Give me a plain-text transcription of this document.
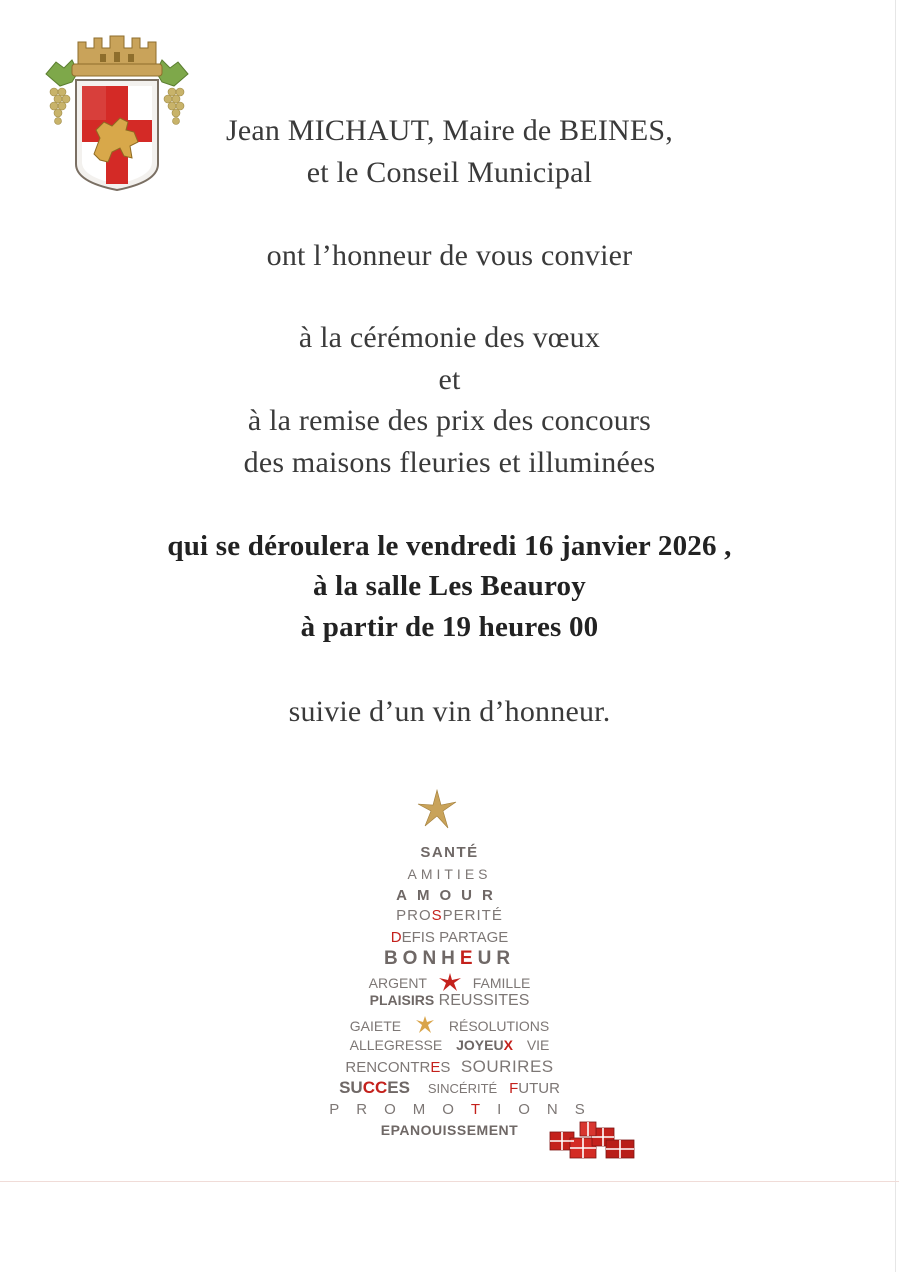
Jean MICHAUT, Maire de BEINES,
et le Conseil Municipal
ont l’honneur de vous convier
à la cérémonie des vœux
et
à la remise des prix des concours
des maisons fleuries et illuminées
qui se déroulera le vendredi 16 janvier 2026 ,
à la salle Les Beauroy
à partir de 19 heures 00
suivie d’un vin d’honneur.
SANTÉ
AMITIES
AMOUR
PROSPERITÉ
DEFIS PARTAGE
BONHEUR
ARGENT	FAMILLE
PLAISIRS REUSSITES
GAIETE	RÉSOLUTIONS
ALLEGRESSE JOYEUX VIE
RENCONTRES SOURIRES
SUCCES SINCÉRITÉ FUTUR
PROMOTIONS
EPANOUISSEMENT
